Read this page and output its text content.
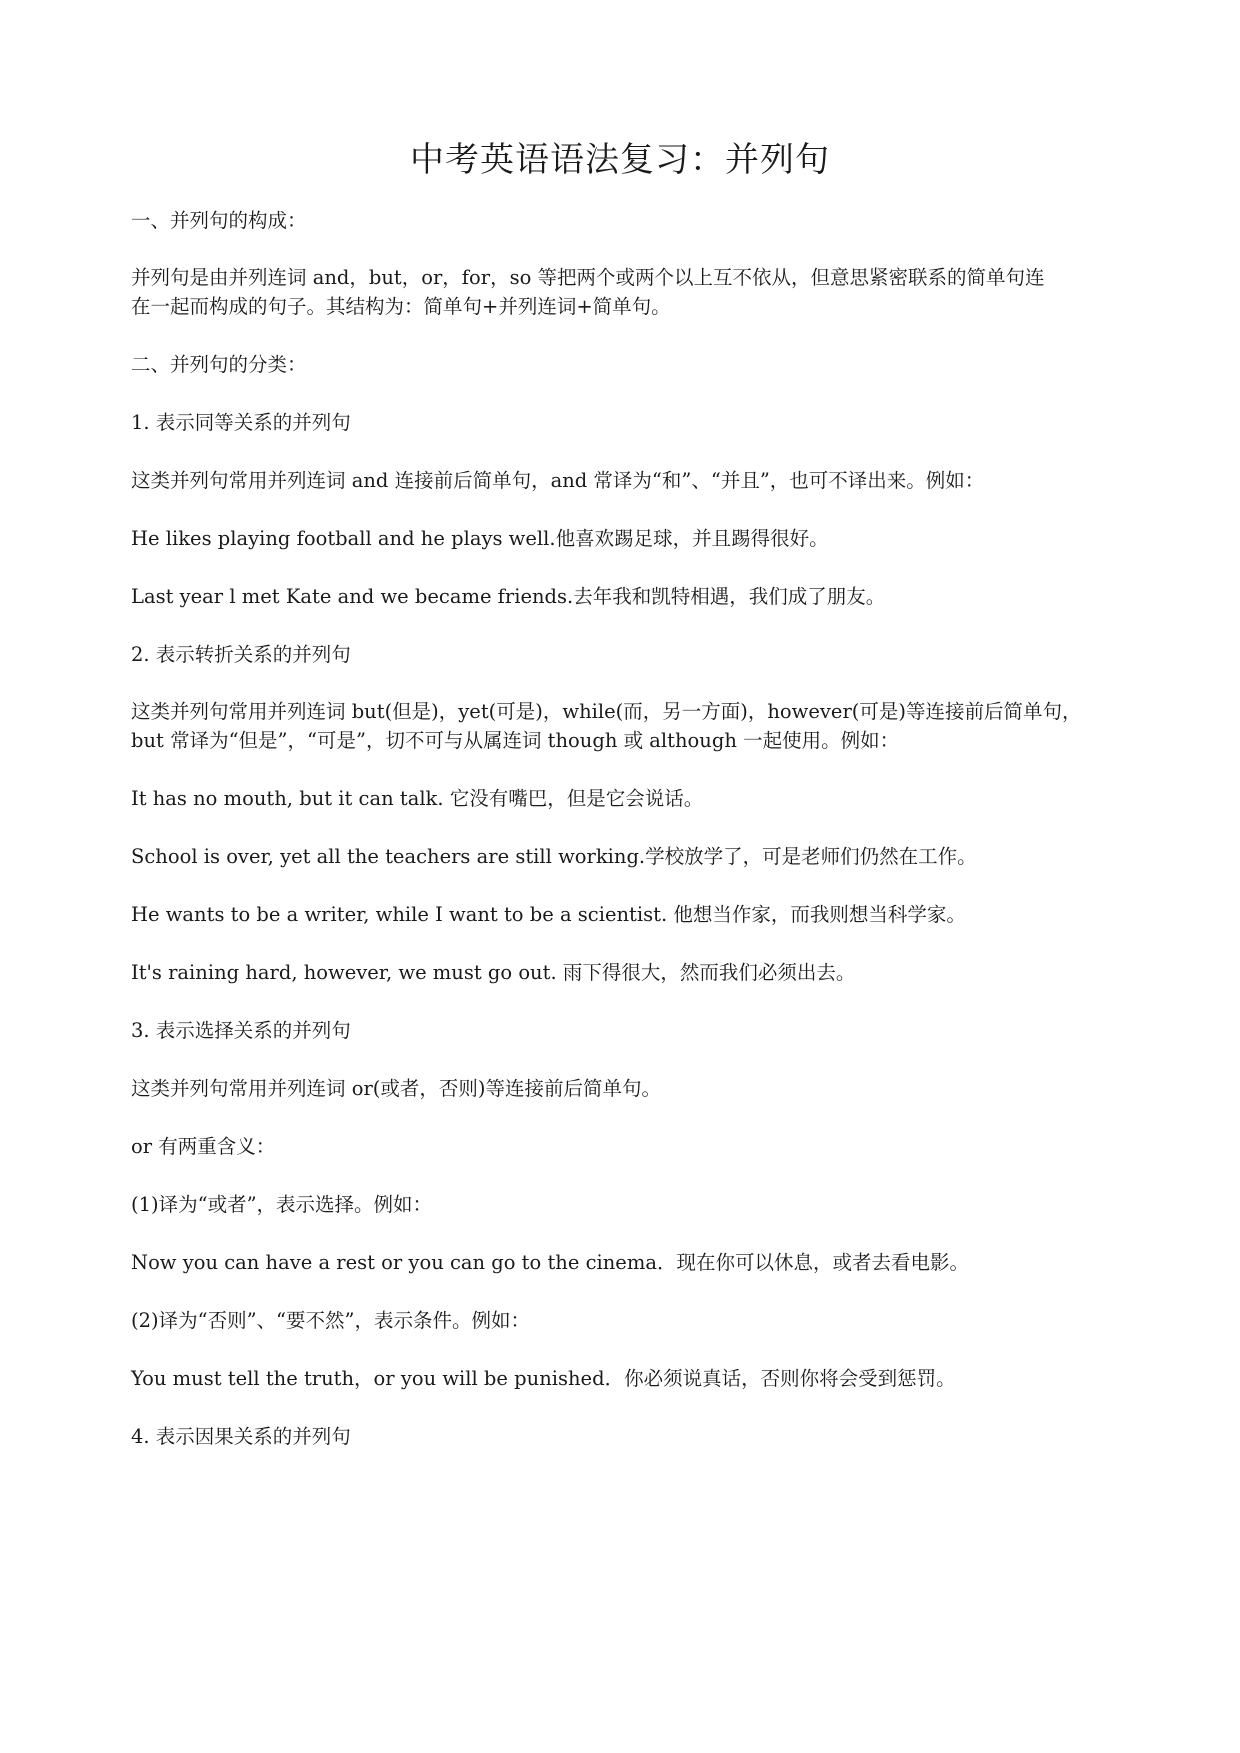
中考英语语法复习：并列句

一、并列句的构成：

并列句是由并列连词 and，but，or，for，so 等把两个或两个以上互不依从，但意思紧密联系的简单句连

在一起而构成的句子。其结构为：简单句+并列连词+简单句。

二、并列句的分类：

1. 表示同等关系的并列句

这类并列句常用并列连词 and 连接前后简单句，and 常译为“和”、“并且”，也可不译出来。例如：

He likes playing football and he plays well.他喜欢踢足球，并且踢得很好。

Last year l met Kate and we became friends.去年我和凯特相遇，我们成了朋友。

2. 表示转折关系的并列句

这类并列句常用并列连词 but(但是)，yet(可是)，while(而，另一方面)，however(可是)等连接前后简单句，

but 常译为“但是”，“可是”，切不可与从属连词 though 或 although 一起使用。例如：

It has no mouth, but it can talk. 它没有嘴巴，但是它会说话。

School is over, yet all the teachers are still working.学校放学了，可是老师们仍然在工作。

He wants to be a writer, while I want to be a scientist. 他想当作家，而我则想当科学家。

It's raining hard, however, we must go out. 雨下得很大，然而我们必须出去。

3. 表示选择关系的并列句

这类并列句常用并列连词 or(或者，否则)等连接前后简单句。

or 有两重含义：

(1)译为“或者”，表示选择。例如：

Now you can have a rest or you can go to the cinema．现在你可以休息，或者去看电影。

(2)译为“否则”、“要不然”，表示条件。例如：

You must tell the truth，or you will be punished．你必须说真话，否则你将会受到惩罚。

4. 表示因果关系的并列句
